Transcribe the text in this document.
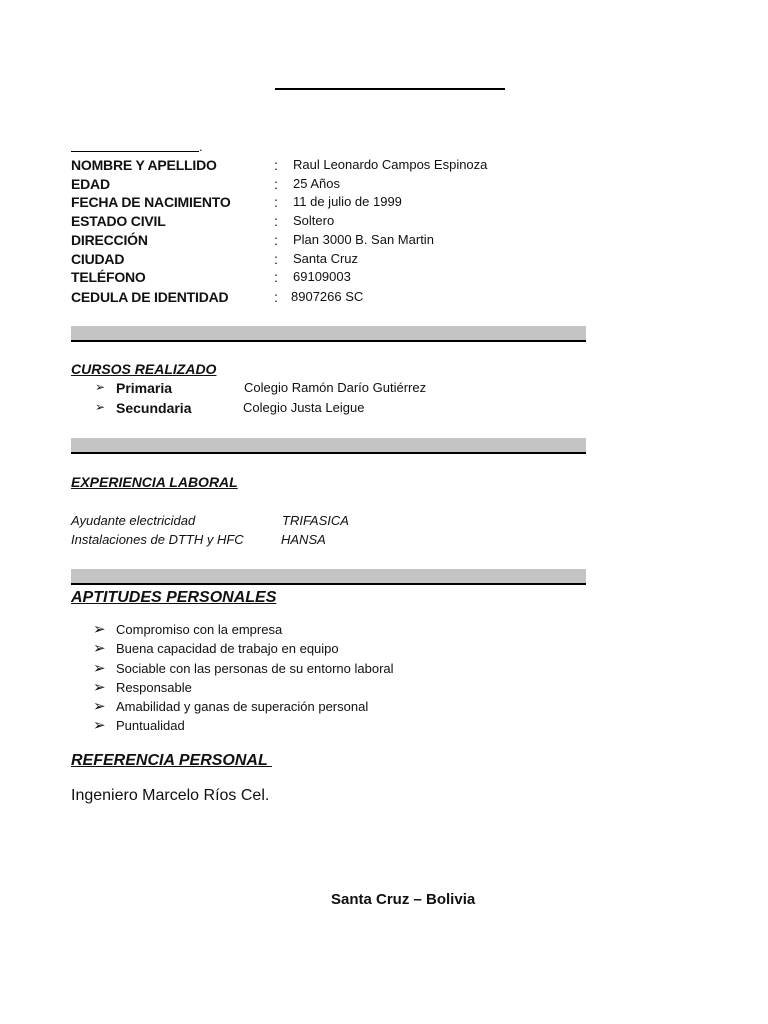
.
NOMBRE Y APELLIDO	: Raul Leonardo Campos Espinoza
EDAD	: 25 Años
FECHA DE NACIMIENTO	: 11 de julio de 1999
ESTADO CIVIL	: Soltero
DIRECCIÓN	: Plan 3000 B. San Martin
CIUDAD	: Santa Cruz
TELÉFONO	: 69109003
CEDULA DE IDENTIDAD	: 8907266 SC
CURSOS REALIZADO
➢ Primaria	Colegio Ramón Darío Gutiérrez
➢ Secundaria	Colegio Justa Leigue
EXPERIENCIA LABORAL
Ayudante electricidad	TRIFASICA
Instalaciones de DTTH y HFC	HANSA
APTITUDES PERSONALES
➢ Compromiso con la empresa
➢ Buena capacidad de trabajo en equipo
➢ Sociable con las personas de su entorno laboral
➢ Responsable
➢ Amabilidad y ganas de superación personal
➢ Puntualidad
REFERENCIA PERSONAL
Ingeniero Marcelo Ríos Cel.
Santa Cruz – Bolivia
